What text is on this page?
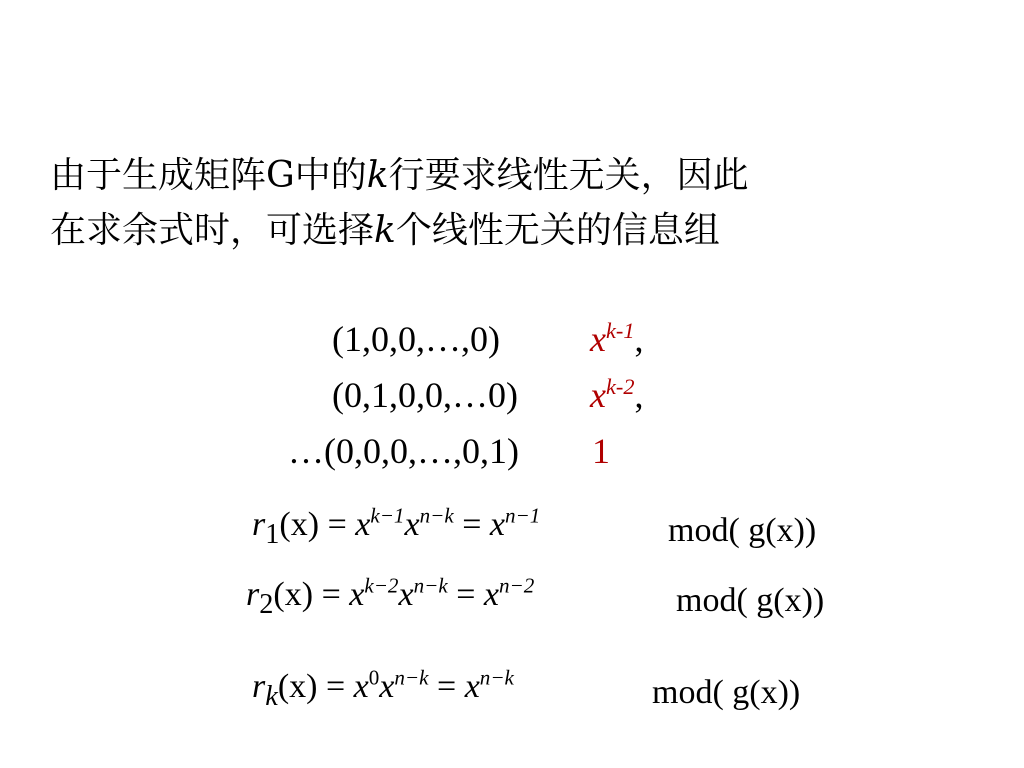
由于生成矩阵G中的k行要求线性无关，因此
在求余式时，可选择k个线性无关的信息组
(1,0,0,…,0)	$x^{k-1}$,
(0,1,0,0,…0) $x^{k-2}$,
…(0,0,0,…,0,1) 1
$r_1(x) = x^{k-1}x^{n-k} = x^{n-1}$	mod( g(x))
$r_2(x) = x^{k-2}x^{n-k} = x^{n-2}$	mod( g(x))
$r_k(x) = x^0x^{n-k} = x^{n-k}$	mod( g(x))
